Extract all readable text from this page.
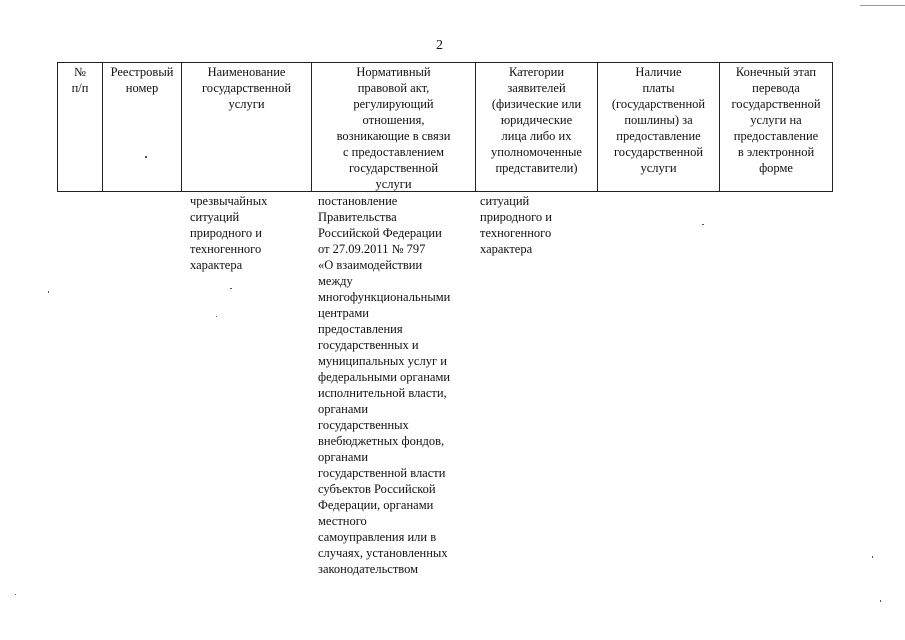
2
№
п/п
Реестровый
номер
Наименование
государственной
услуги
Нормативный
правовой акт,
регулирующий
отношения,
возникающие в связи
с предоставлением
государственной
услуги
Категории
заявителей
(физические или
юридические
лица либо их
уполномоченные
представители)
Наличие
платы
(государственной
пошлины) за
предоставление
государственной
услуги
Конечный этап
перевода
государственной
услуги на
предоставление
в электронной
форме
чрезвычайных
ситуаций
природного и
техногенного
характера
постановление
Правительства
Российской Федерации
от 27.09.2011 № 797
«О взаимодействии
между
многофункциональными
центрами
предоставления
государственных и
муниципальных услуг и
федеральными органами
исполнительной власти,
органами
государственных
внебюджетных фондов,
органами
государственной власти
субъектов Российской
Федерации, органами
местного
самоуправления или в
случаях, установленных
законодательством
ситуаций
природного и
техногенного
характера
